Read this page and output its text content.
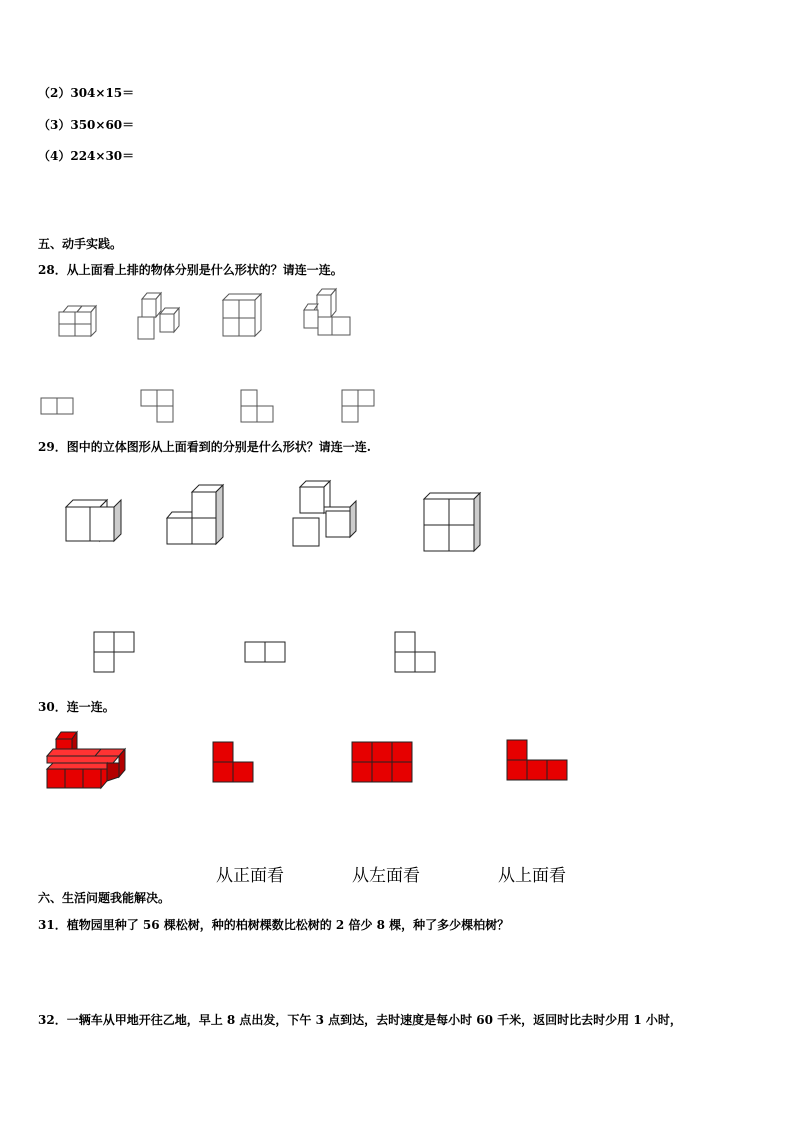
（2）304×15＝
（3）350×60＝
（4）224×30＝
五、动手实践。
28．从上面看上排的物体分别是什么形状的？请连一连。
29．图中的立体图形从上面看到的分别是什么形状？请连一连.
30．连一连。
从正面看	从左面看	从上面看
六、生活问题我能解决。
31．植物园里种了 56 棵松树，种的柏树棵数比松树的 2 倍少 8 棵，种了多少棵柏树？
32．一辆车从甲地开往乙地，早上 8 点出发，下午 3 点到达，去时速度是每小时 60 千米，返回时比去时少用 1 小时，
